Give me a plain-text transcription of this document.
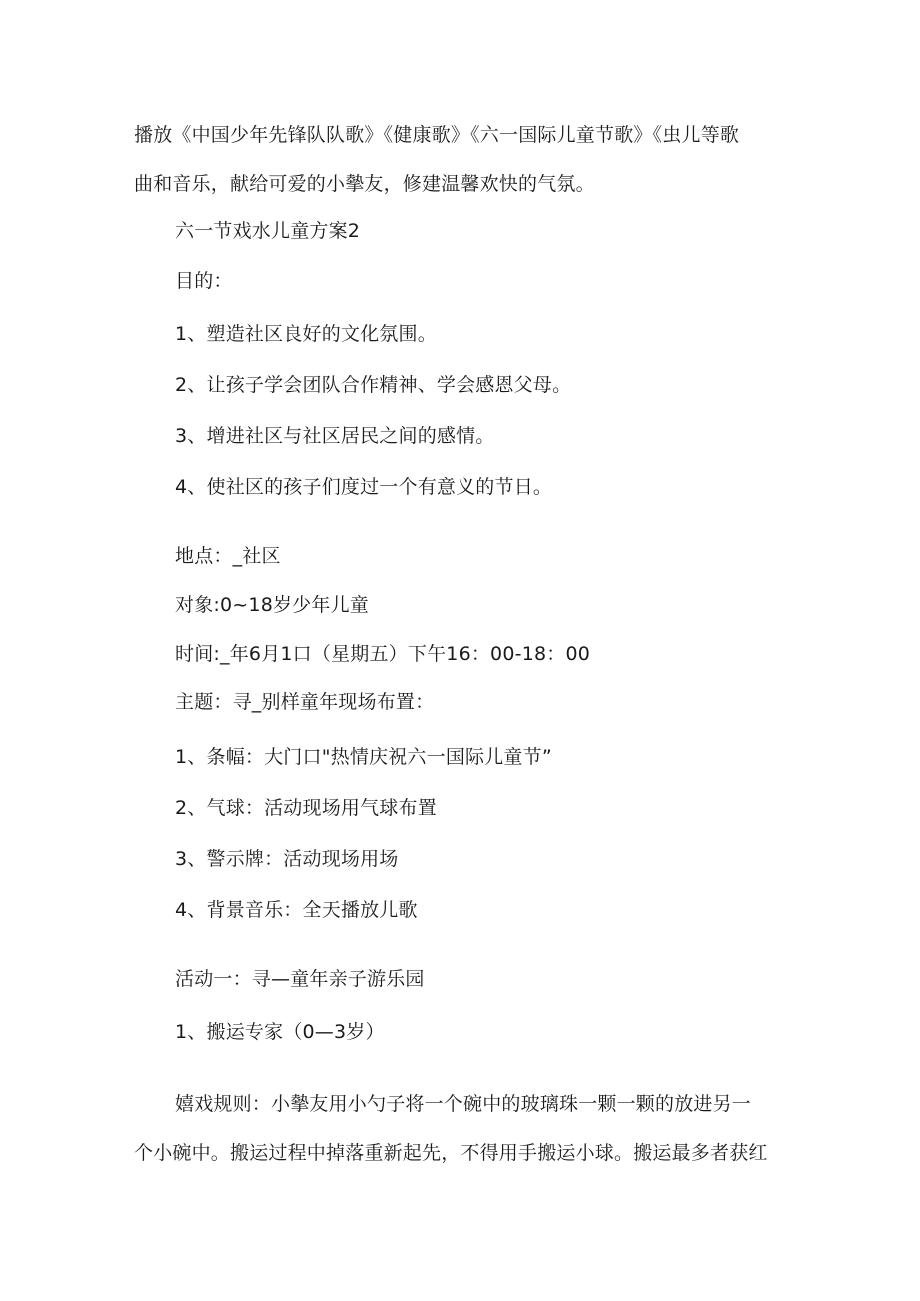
播放《中国少年先锋队队歌》《健康歌》《六一国际儿童节歌》《虫儿等歌
曲和音乐，献给可爱的小摰友，修建温馨欢快的气氛。
六一节戏水儿童方案2
目的：
1、塑造社区良好的文化氛围。
2、让孩子学会团队合作精神、学会感恩父母。
3、增进社区与社区居民之间的感情。
4、使社区的孩子们度过一个有意义的节日。
地点：_社区
对象:0~18岁少年儿童
时间:_年6月1口（星期五）下午16：00-18：00
主题：寻_别样童年现场布置：
1、条幅：大门口"热情庆祝六一国际儿童节”
2、气球：活动现场用气球布置
3、警示牌：活动现场用场
4、背景音乐：全天播放儿歌
活动一：寻—童年亲子游乐园
1、搬运专家（0—3岁）
嬉戏规则：小摰友用小勺子将一个碗中的玻璃珠一颗一颗的放进另一
个小碗中。搬运过程中掉落重新起先，不得用手搬运小球。搬运最多者获红
